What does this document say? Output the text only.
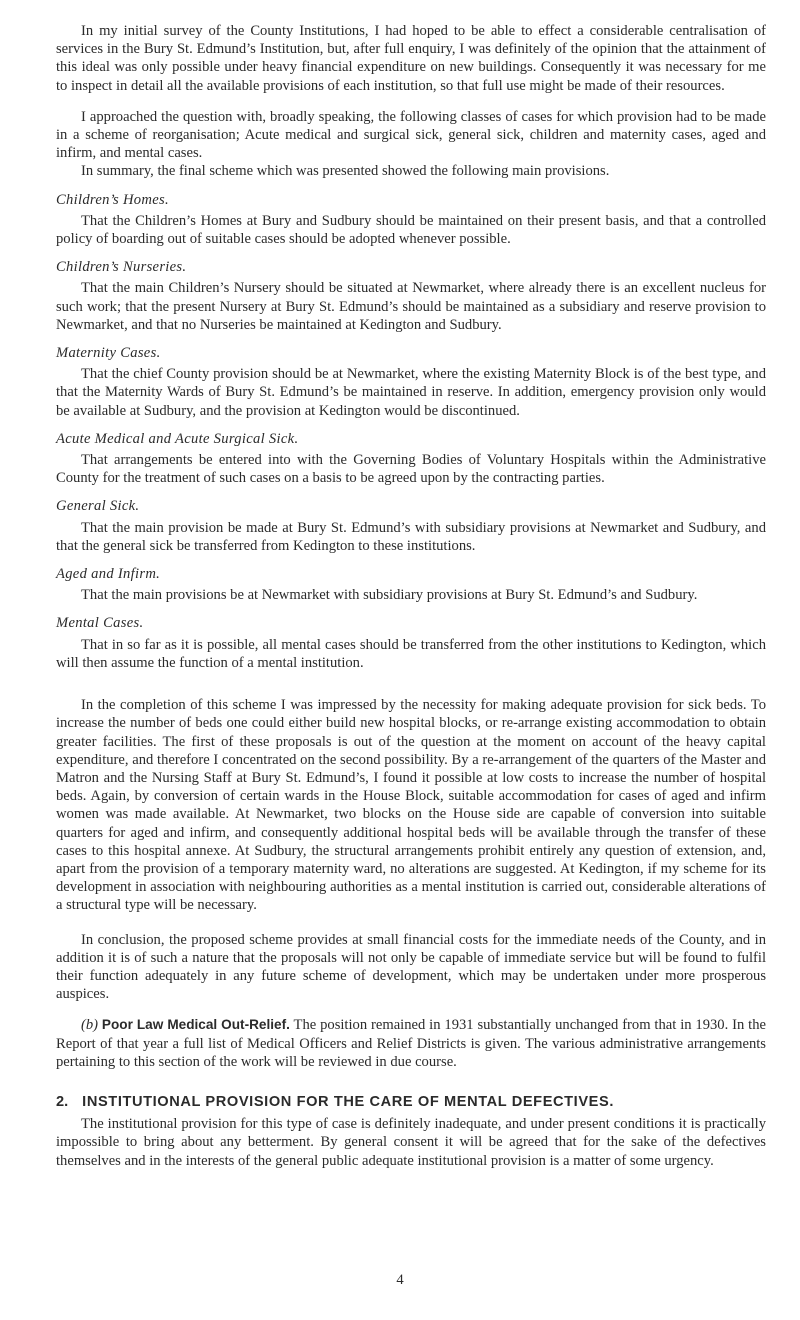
In my initial survey of the County Institutions, I had hoped to be able to effect a considerable centralisation of services in the Bury St. Edmund’s Institution, but, after full enquiry, I was definitely of the opinion that the attainment of this ideal was only possible under heavy financial expenditure on new buildings. Consequently it was necessary for me to inspect in detail all the available provisions of each institution, so that full use might be made of their resources.

I approached the question with, broadly speaking, the following classes of cases for which provision had to be made in a scheme of reorganisation; Acute medical and surgical sick, general sick, children and maternity cases, aged and infirm, and mental cases.

In summary, the final scheme which was presented showed the following main provisions.

Children’s Homes.

That the Children’s Homes at Bury and Sudbury should be maintained on their present basis, and that a controlled policy of boarding out of suitable cases should be adopted whenever possible.

Children’s Nurseries.

That the main Children’s Nursery should be situated at Newmarket, where already there is an excellent nucleus for such work; that the present Nursery at Bury St. Edmund’s should be maintained as a subsidiary and reserve provision to Newmarket, and that no Nurseries be maintained at Kedington and Sudbury.

Maternity Cases.

That the chief County provision should be at Newmarket, where the existing Maternity Block is of the best type, and that the Maternity Wards of Bury St. Edmund’s be maintained in reserve. In addition, emergency provision only would be available at Sudbury, and the provision at Kedington would be discontinued.

Acute Medical and Acute Surgical Sick.

That arrangements be entered into with the Governing Bodies of Voluntary Hospitals within the Administrative County for the treatment of such cases on a basis to be agreed upon by the contracting parties.

General Sick.

That the main provision be made at Bury St. Edmund’s with subsidiary provisions at Newmarket and Sudbury, and that the general sick be transferred from Kedington to these institutions.

Aged and Infirm.

That the main provisions be at Newmarket with subsidiary provisions at Bury St. Edmund’s and Sudbury.

Mental Cases.

That in so far as it is possible, all mental cases should be transferred from the other institutions to Kedington, which will then assume the function of a mental institution.

In the completion of this scheme I was impressed by the necessity for making adequate provision for sick beds. To increase the number of beds one could either build new hospital blocks, or re-arrange existing accommodation to obtain greater facilities. The first of these proposals is out of the question at the moment on account of the heavy capital expenditure, and therefore I concentrated on the second possibility. By a re-arrangement of the quarters of the Master and Matron and the Nursing Staff at Bury St. Edmund’s, I found it possible at low costs to increase the number of hospital beds. Again, by conversion of certain wards in the House Block, suitable accommodation for cases of aged and infirm women was made available. At Newmarket, two blocks on the House side are capable of conversion into suitable quarters for aged and infirm, and consequently additional hospital beds will be available through the transfer of these cases to this hospital annexe. At Sudbury, the structural arrangements prohibit entirely any question of extension, and, apart from the provision of a temporary maternity ward, no alterations are suggested. At Kedington, if my scheme for its development in association with neighbouring authorities as a mental institution is carried out, considerable alterations of a structural type will be necessary.

In conclusion, the proposed scheme provides at small financial costs for the immediate needs of the County, and in addition it is of such a nature that the proposals will not only be capable of immediate service but will be found to fulfil their function adequately in any future scheme of development, which may be undertaken under more prosperous auspices.

(b) Poor Law Medical Out-Relief. The position remained in 1931 substantially unchanged from that in 1930. In the Report of that year a full list of Medical Officers and Relief Districts is given. The various administrative arrangements pertaining to this section of the work will be reviewed in due course.

2. INSTITUTIONAL PROVISION FOR THE CARE OF MENTAL DEFECTIVES.

The institutional provision for this type of case is definitely inadequate, and under present conditions it is practically impossible to bring about any betterment. By general consent it will be agreed that for the sake of the defectives themselves and in the interests of the general public adequate institutional provision is a matter of some urgency.

4
